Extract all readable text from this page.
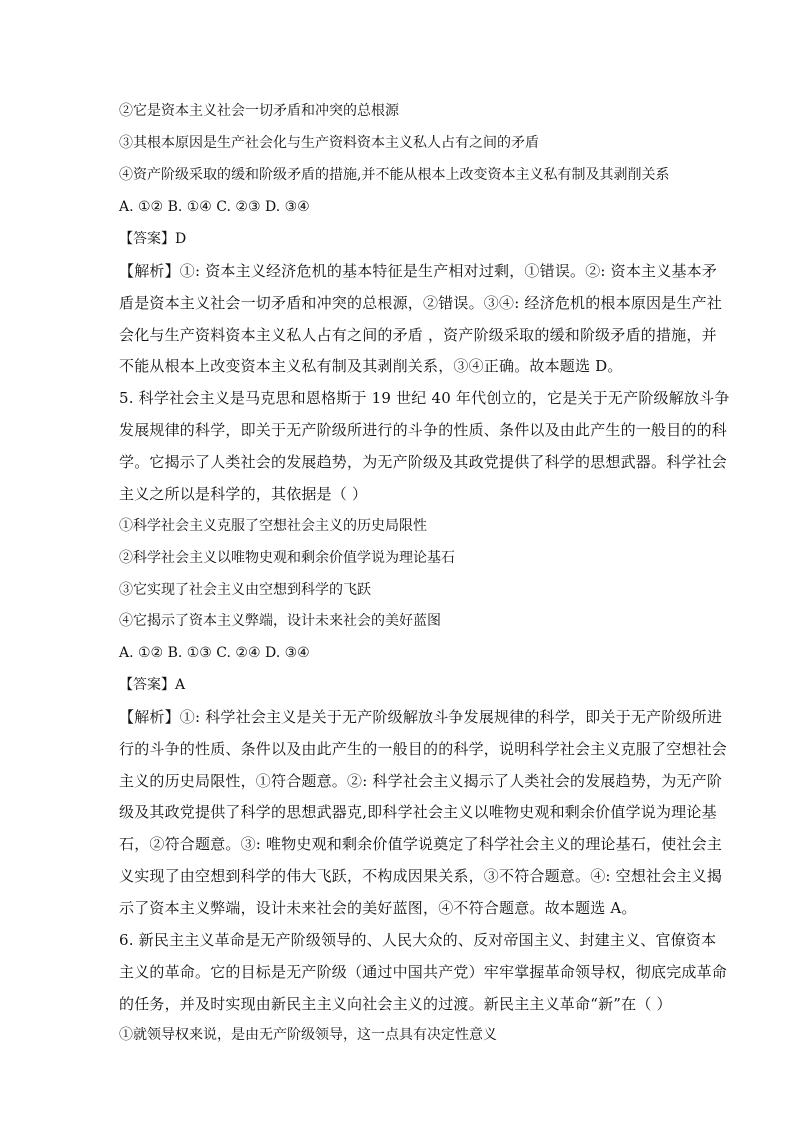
②它是资本主义社会一切矛盾和冲突的总根源
③其根本原因是生产社会化与生产资料资本主义私人占有之间的矛盾
④资产阶级采取的缓和阶级矛盾的措施,并不能从根本上改变资本主义私有制及其剥削关系
A. ①② B. ①④ C. ②③ D. ③④
【答案】D
【解析】①: 资本主义经济危机的基本特征是生产相对过剩，①错误。②: 资本主义基本矛
盾是资本主义社会一切矛盾和冲突的总根源，②错误。③④: 经济危机的根本原因是生产社
会化与生产资料资本主义私人占有之间的矛盾 ，资产阶级采取的缓和阶级矛盾的措施，并
不能从根本上改变资本主义私有制及其剥削关系，③④正确。故本题选 D。
5. 科学社会主义是马克思和恩格斯于 19 世纪 40 年代创立的，它是关于无产阶级解放斗争
发展规律的科学，即关于无产阶级所进行的斗争的性质、条件以及由此产生的一般目的的科
学。它揭示了人类社会的发展趋势，为无产阶级及其政党提供了科学的思想武器。科学社会
主义之所以是科学的，其依据是（ ）
①科学社会主义克服了空想社会主义的历史局限性
②科学社会主义以唯物史观和剩余价值学说为理论基石
③它实现了社会主义由空想到科学的飞跃
④它揭示了资本主义弊端，设计未来社会的美好蓝图
A. ①② B. ①③ C. ②④ D. ③④
【答案】A
【解析】①: 科学社会主义是关于无产阶级解放斗争发展规律的科学，即关于无产阶级所进
行的斗争的性质、条件以及由此产生的一般目的的科学，说明科学社会主义克服了空想社会
主义的历史局限性，①符合题意。②: 科学社会主义揭示了人类社会的发展趋势，为无产阶
级及其政党提供了科学的思想武器克,即科学社会主义以唯物史观和剩余价值学说为理论基
石，②符合题意。③: 唯物史观和剩余价值学说奠定了科学社会主义的理论基石，使社会主
义实现了由空想到科学的伟大飞跃，不构成因果关系，③不符合题意。④: 空想社会主义揭
示了资本主义弊端，设计未来社会的美好蓝图，④不符合题意。故本题选 A。
6. 新民主主义革命是无产阶级领导的、人民大众的、反对帝国主义、封建主义、官僚资本
主义的革命。它的目标是无产阶级（通过中国共产党）牢牢掌握革命领导权，彻底完成革命
的任务，并及时实现由新民主主义向社会主义的过渡。新民主主义革命“新”在（ ）
①就领导权来说，是由无产阶级领导，这一点具有决定性意义
